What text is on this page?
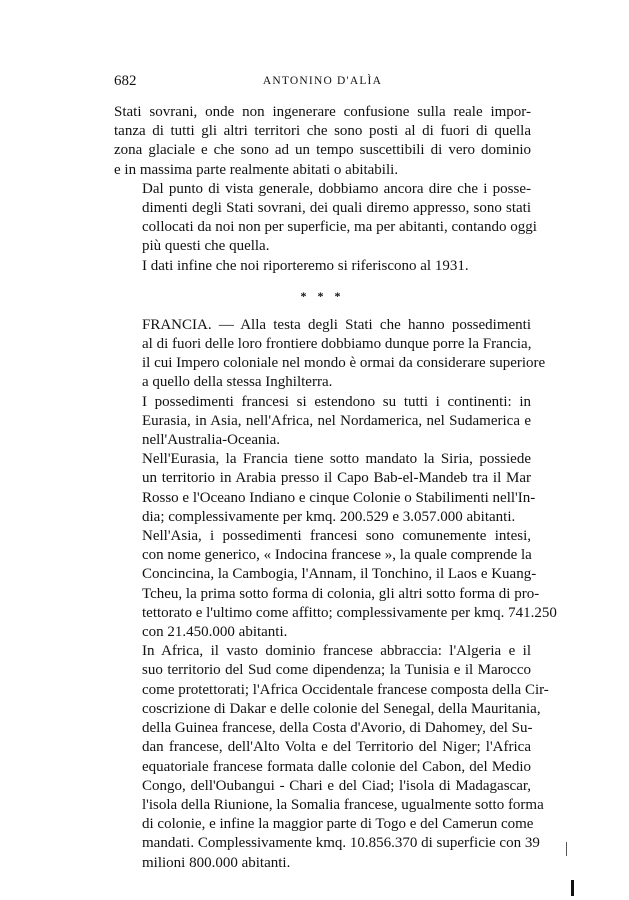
682	ANTONINO D'ALÌA

Stati sovrani, onde non ingenerare confusione sulla reale impor-
tanza di tutti gli altri territori che sono posti al di fuori di quella
zona glaciale e che sono ad un tempo suscettibili di vero dominio
e in massima parte realmente abitati o abitabili.

Dal punto di vista generale, dobbiamo ancora dire che i posse-
dimenti degli Stati sovrani, dei quali diremo appresso, sono stati
collocati da noi non per superficie, ma per abitanti, contando oggi
più questi che quella.

I dati infine che noi riporteremo si riferiscono al 1931.

* * *

FRANCIA. — Alla testa degli Stati che hanno possedimenti
al di fuori delle loro frontiere dobbiamo dunque porre la Francia,
il cui Impero coloniale nel mondo è ormai da considerare superiore
a quello della stessa Inghilterra.

I possedimenti francesi si estendono su tutti i continenti: in
Eurasia, in Asia, nell'Africa, nel Nordamerica, nel Sudamerica e
nell'Australia-Oceania.

Nell'Eurasia, la Francia tiene sotto mandato la Siria, possiede
un territorio in Arabia presso il Capo Bab-el-Mandeb tra il Mar
Rosso e l'Oceano Indiano e cinque Colonie o Stabilimenti nell'In-
dia; complessivamente per kmq. 200.529 e 3.057.000 abitanti.

Nell'Asia, i possedimenti francesi sono comunemente intesi,
con nome generico, « Indocina francese », la quale comprende la
Concincina, la Cambogia, l'Annam, il Tonchino, il Laos e Kuang-
Tcheu, la prima sotto forma di colonia, gli altri sotto forma di pro-
tettorato e l'ultimo come affitto; complessivamente per kmq. 741.250
con 21.450.000 abitanti.

In Africa, il vasto dominio francese abbraccia: l'Algeria e il
suo territorio del Sud come dipendenza; la Tunisia e il Marocco
come protettorati; l'Africa Occidentale francese composta della Cir-
coscrizione di Dakar e delle colonie del Senegal, della Mauritania,
della Guinea francese, della Costa d'Avorio, di Dahomey, del Su-
dan francese, dell'Alto Volta e del Territorio del Niger; l'Africa
equatoriale francese formata dalle colonie del Cabon, del Medio
Congo, dell'Oubangui - Chari e del Ciad; l'isola di Madagascar,
l'isola della Riunione, la Somalia francese, ugualmente sotto forma
di colonie, e infine la maggior parte di Togo e del Camerun come
mandati. Complessivamente kmq. 10.856.370 di superficie con 39
milioni 800.000 abitanti.
